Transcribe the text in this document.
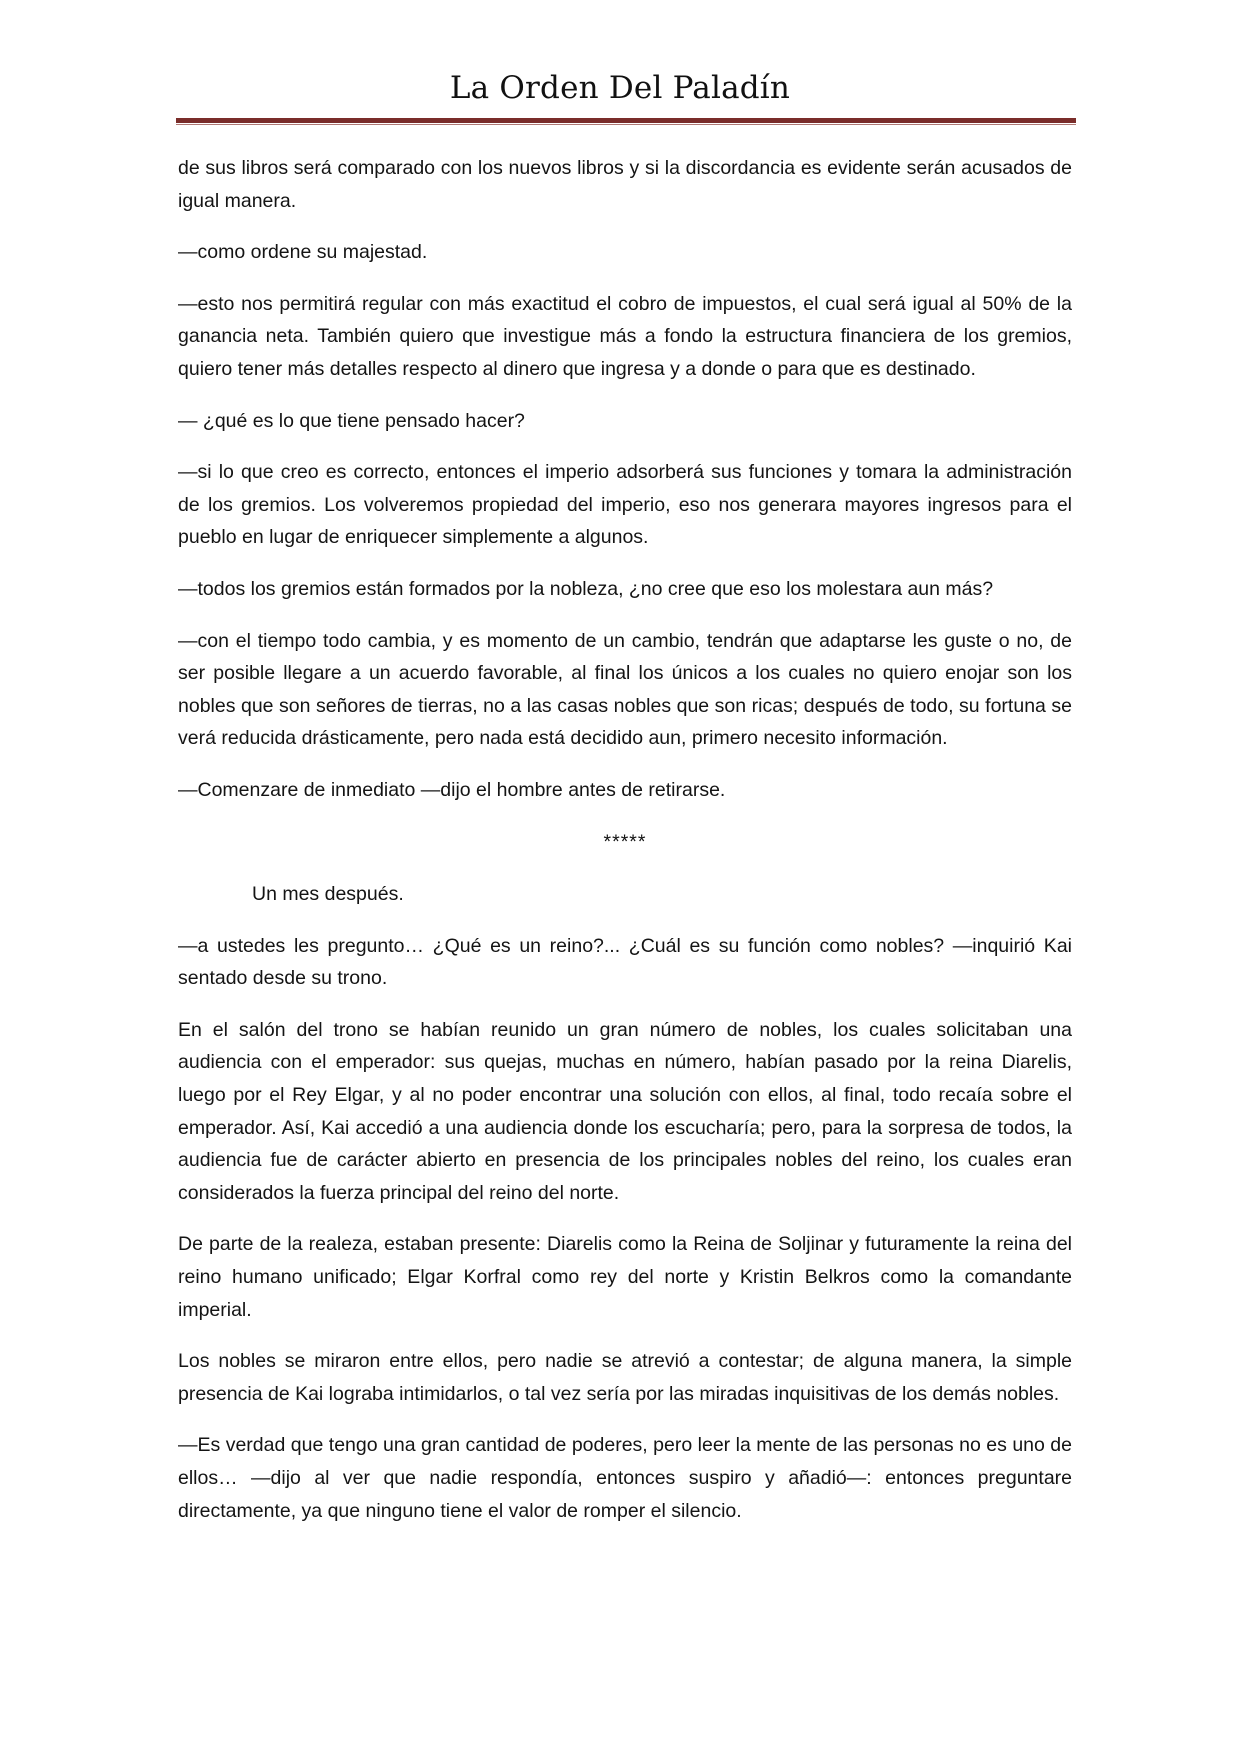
La Orden Del Paladín

de sus libros será comparado con los nuevos libros y si la discordancia es evidente serán acusados de igual manera.

—como ordene su majestad.

—esto nos permitirá regular con más exactitud el cobro de impuestos, el cual será igual al 50% de la ganancia neta. También quiero que investigue más a fondo la estructura financiera de los gremios, quiero tener más detalles respecto al dinero que ingresa y a donde o para que es destinado.

— ¿qué es lo que tiene pensado hacer?

—si lo que creo es correcto, entonces el imperio adsorberá sus funciones y tomara la administración de los gremios. Los volveremos propiedad del imperio, eso nos generara mayores ingresos para el pueblo en lugar de enriquecer simplemente a algunos.

—todos los gremios están formados por la nobleza, ¿no cree que eso los molestara aun más?

—con el tiempo todo cambia, y es momento de un cambio, tendrán que adaptarse les guste o no, de ser posible llegare a un acuerdo favorable, al final los únicos a los cuales no quiero enojar son los nobles que son señores de tierras, no a las casas nobles que son ricas; después de todo, su fortuna se verá reducida drásticamente, pero nada está decidido aun, primero necesito información.

—Comenzare de inmediato —dijo el hombre antes de retirarse.

*****

Un mes después.

—a ustedes les pregunto… ¿Qué es un reino?... ¿Cuál es su función como nobles? —inquirió Kai sentado desde su trono.

En el salón del trono se habían reunido un gran número de nobles, los cuales solicitaban una audiencia con el emperador: sus quejas, muchas en número, habían pasado por la reina Diarelis, luego por el Rey Elgar, y al no poder encontrar una solución con ellos, al final, todo recaía sobre el emperador. Así, Kai accedió a una audiencia donde los escucharía; pero, para la sorpresa de todos, la audiencia fue de carácter abierto en presencia de los principales nobles del reino, los cuales eran considerados la fuerza principal del reino del norte.

De parte de la realeza, estaban presente: Diarelis como la Reina de Soljinar y futuramente la reina del reino humano unificado; Elgar Korfral como rey del norte y Kristin Belkros como la comandante imperial.

Los nobles se miraron entre ellos, pero nadie se atrevió a contestar; de alguna manera, la simple presencia de Kai lograba intimidarlos, o tal vez sería por las miradas inquisitivas de los demás nobles.

—Es verdad que tengo una gran cantidad de poderes, pero leer la mente de las personas no es uno de ellos… —dijo al ver que nadie respondía, entonces suspiro y añadió—: entonces preguntare directamente, ya que ninguno tiene el valor de romper el silencio.
